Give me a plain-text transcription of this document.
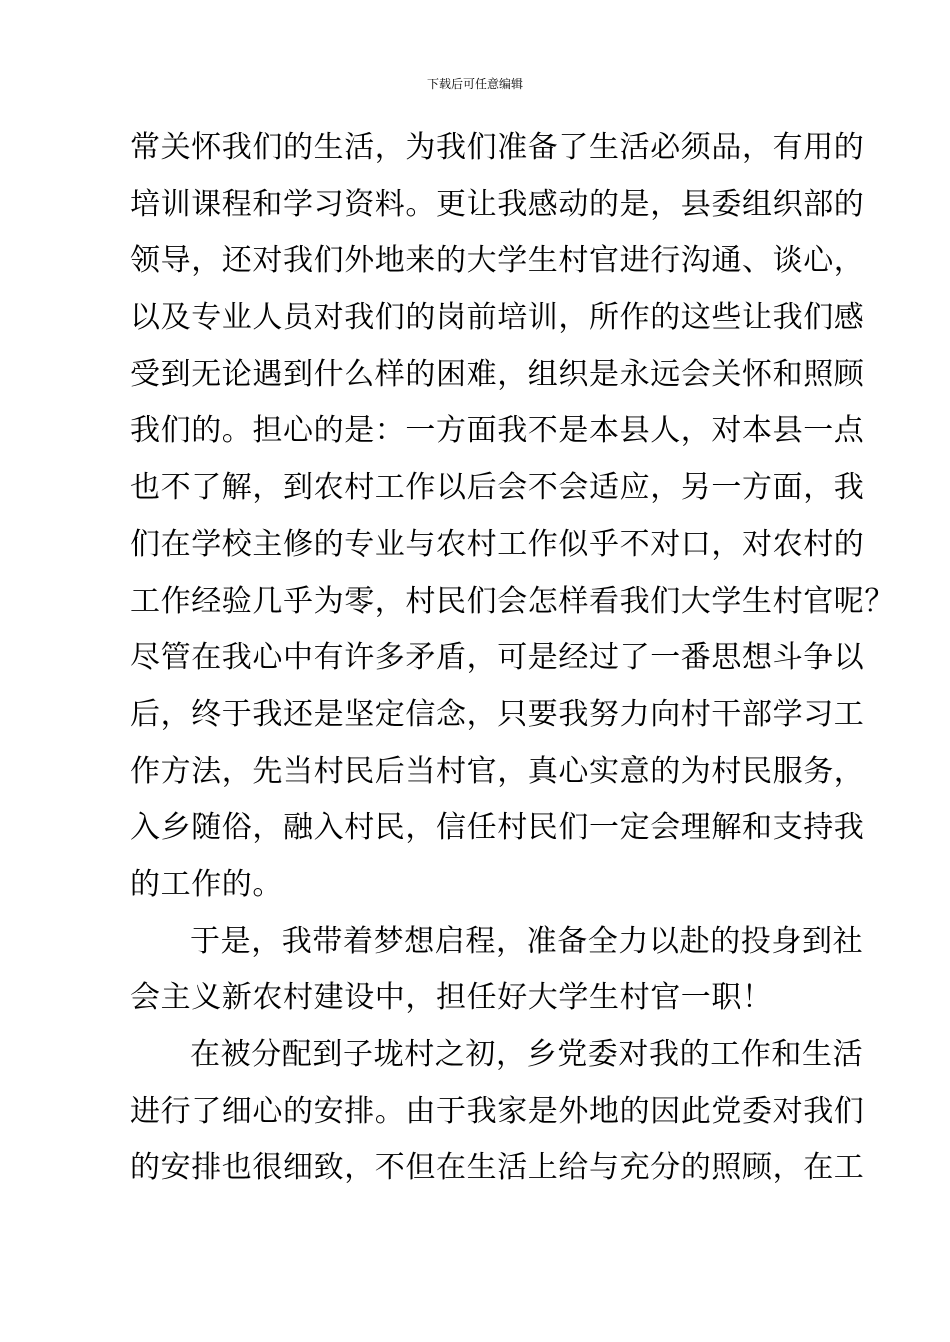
下载后可任意编辑
常关怀我们的生活，为我们准备了生活必须品，有用的
培训课程和学习资料。更让我感动的是，县委组织部的
领导，还对我们外地来的大学生村官进行沟通、谈心，
以及专业人员对我们的岗前培训，所作的这些让我们感
受到无论遇到什么样的困难，组织是永远会关怀和照顾
我们的。担心的是：一方面我不是本县人，对本县一点
也不了解，到农村工作以后会不会适应，另一方面，我
们在学校主修的专业与农村工作似乎不对口，对农村的
工作经验几乎为零，村民们会怎样看我们大学生村官呢？
尽管在我心中有许多矛盾，可是经过了一番思想斗争以
后，终于我还是坚定信念，只要我努力向村干部学习工
作方法，先当村民后当村官，真心实意的为村民服务，
入乡随俗，融入村民，信任村民们一定会理解和支持我
的工作的。
于是，我带着梦想启程，准备全力以赴的投身到社
会主义新农村建设中，担任好大学生村官一职！
在被分配到子垅村之初，乡党委对我的工作和生活
进行了细心的安排。由于我家是外地的因此党委对我们
的安排也很细致，不但在生活上给与充分的照顾，在工
